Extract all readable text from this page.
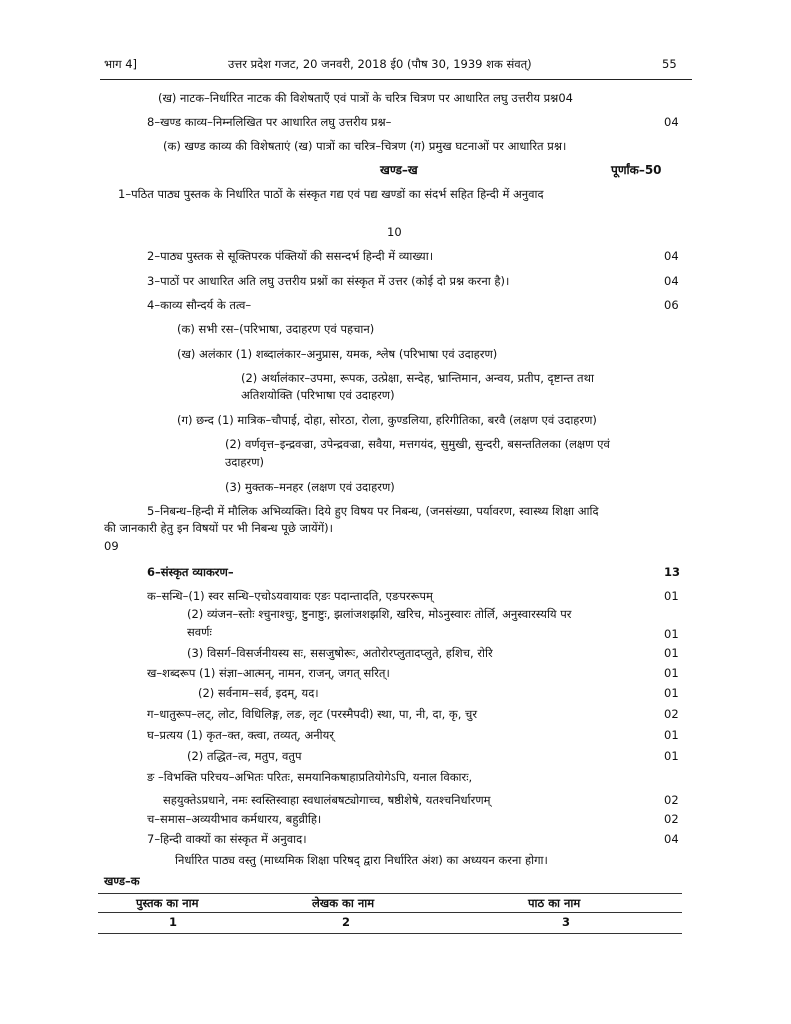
भाग 4]	उत्तर प्रदेश गजट, 20 जनवरी, 2018 ई0 (पौष 30, 1939 शक संवत्)	55
(ख) नाटक–निर्धारित नाटक की विशेषताएँ एवं पात्रों के चरित्र चित्रण पर आधारित लघु उत्तरीय प्रश्न04
8–खण्ड काव्य–निम्नलिखित पर आधारित लघु उत्तरीय प्रश्न–	04
(क) खण्ड काव्य की विशेषताएं (ख) पात्रों का चरित्र–चित्रण (ग) प्रमुख घटनाओं पर आधारित प्रश्न।
खण्ड–ख	पूर्णांक–50
1–पठित पाठ्य पुस्तक के निर्धारित पाठों के संस्कृत गद्य एवं पद्य खण्डों का संदर्भ सहित हिन्दी में अनुवाद
10
2–पाठ्य पुस्तक से सूक्तिपरक पंक्तियों की ससन्दर्भ हिन्दी में व्याख्या।	04
3–पाठों पर आधारित अति लघु उत्तरीय प्रश्नों का संस्कृत में उत्तर (कोई दो प्रश्न करना है)।	04
4–काव्य सौन्दर्य के तत्व–	06
(क) सभी रस–(परिभाषा, उदाहरण एवं पहचान)
(ख) अलंकार (1) शब्दालंकार–अनुप्रास, यमक, श्लेष (परिभाषा एवं उदाहरण)
(2) अर्थालंकार–उपमा, रूपक, उत्प्रेक्षा, सन्देह, भ्रान्तिमान, अन्वय, प्रतीप, दृष्टान्त तथा
अतिशयोक्ति (परिभाषा एवं उदाहरण)
(ग) छन्द (1) मात्रिक–चौपाई, दोहा, सोरठा, रोला, कुण्डलिया, हरिगीतिका, बरवै (लक्षण एवं उदाहरण)
(2) वर्णवृत्त–इन्द्रवज्रा, उपेन्द्रवज्रा, सवैया, मत्तगयंद, सुमुखी, सुन्दरी, बसन्ततिलका (लक्षण एवं
उदाहरण)
(3) मुक्तक–मनहर (लक्षण एवं उदाहरण)
5–निबन्ध–हिन्दी में मौलिक अभिव्यक्ति। दिये हुए विषय पर निबन्ध, (जनसंख्या, पर्यावरण, स्वास्थ्य शिक्षा आदि
की जानकारी हेतु इन विषयों पर भी निबन्ध पूछे जायेंगें)।
09
6–संस्कृत व्याकरण–	13
क–सन्धि–(1) स्वर सन्धि–एचोऽयवायावः एङः पदान्तादति, एङपररूपम्	01
(2) व्यंजन–स्तोः श्चुनाश्चुः, ष्टुनाष्टुः, झलांजशझशि, खरिच, मोऽनुस्वारः तोर्लि, अनुस्वारस्ययि पर
सवर्णः	01
(3) विसर्ग–विसर्जनीयस्य सः, ससजुषोरूः, अतोरोरप्लुतादप्लुते, हशिच, रोरि	01
ख–शब्दरूप (1) संज्ञा–आत्मन्, नामन, राजन्, जगत् सरित्।	01
(2) सर्वनाम–सर्व, इदम्, यद।	01
ग–धातुरूप–लट्, लोट, विधिलिङ्ग, लङ, लृट (परस्मैपदी) स्था, पा, नी, दा, कृ, चुर	02
घ–प्रत्यय (1) कृत–क्त, क्त्वा, तव्यत्, अनीयर्	01
(2) तद्धित–त्व, मतुप, वतुप	01
ङ –विभक्ति परिचय–अभितः परितः, समयानिकषाहाप्रतियोगेऽपि, यनाल विकारः,
सहयुक्तेऽप्रधाने, नमः स्वस्तिस्वाहा स्वधालंबषट्योगाच्च, षष्ठीशेषे, यतश्चनिर्धारणम्	02
च–समास–अव्ययीभाव कर्मधारय, बहुव्रीहि।	02
7–हिन्दी वाक्यों का संस्कृत में अनुवाद।	04
निर्धारित पाठ्य वस्तु (माध्यमिक शिक्षा परिषद् द्वारा निर्धारित अंश) का अध्ययन करना होगा।
खण्ड–क
पुस्तक का नाम	लेखक का नाम	पाठ का नाम
1	2	3
